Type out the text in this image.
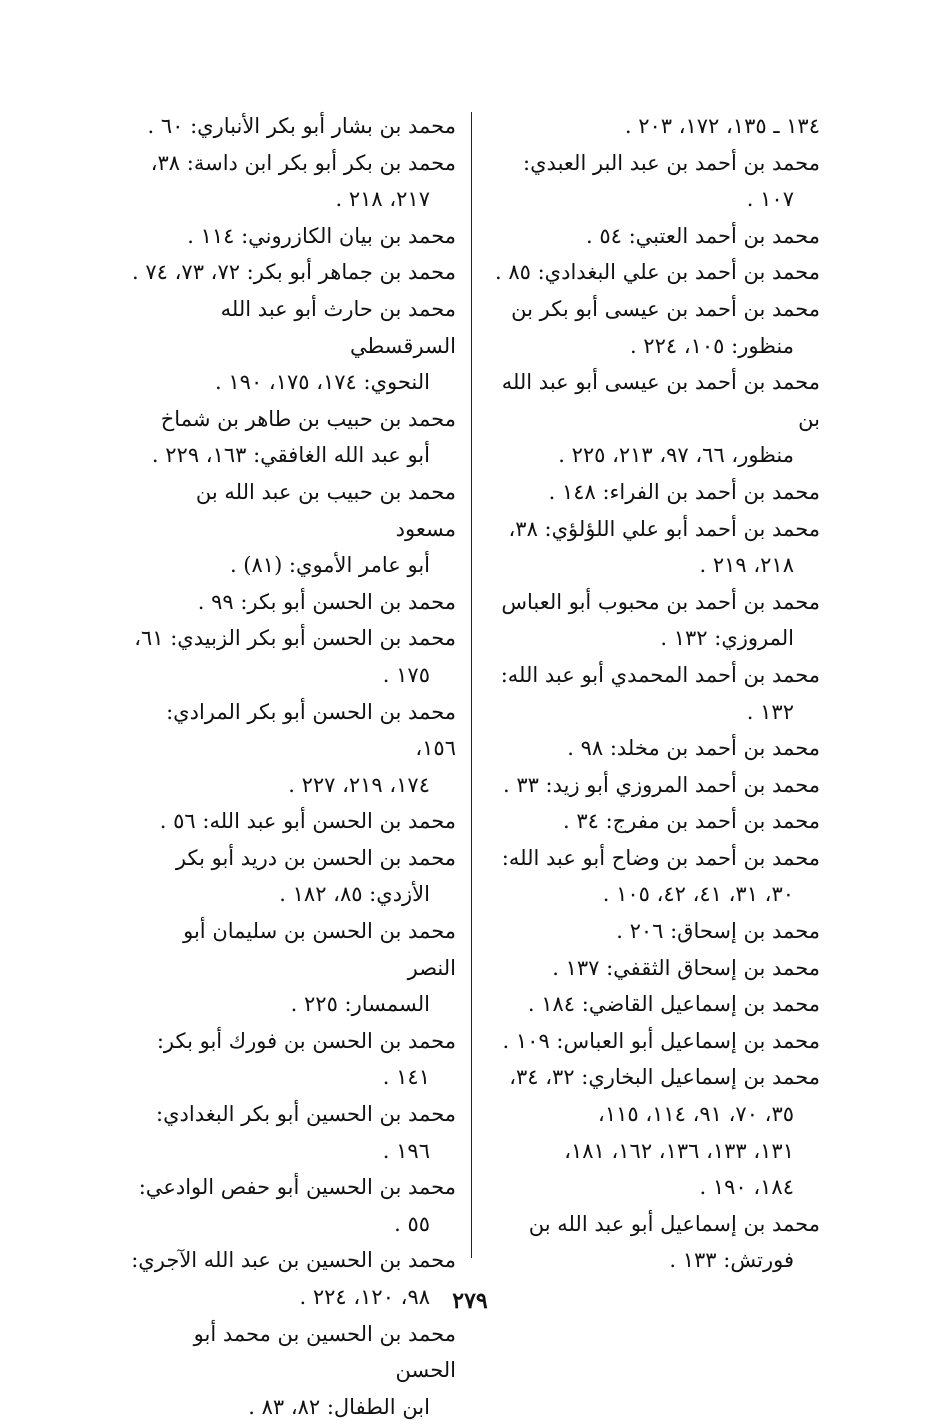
١٣٤ ـ ١٣٥، ١٧٢، ٢٠٣ .
محمد بن أحمد بن عبد البر العبدي:
١٠٧ .
محمد بن أحمد العتبي: ٥٤ .
محمد بن أحمد بن علي البغدادي: ٨٥ .
محمد بن أحمد بن عيسى أبو بكر بن
منظور: ١٠٥، ٢٢٤ .
محمد بن أحمد بن عيسى أبو عبد الله بن
منظور، ٦٦، ٩٧، ٢١٣، ٢٢٥ .
محمد بن أحمد بن الفراء: ١٤٨ .
محمد بن أحمد أبو علي اللؤلؤي: ٣٨،
٢١٨، ٢١٩ .
محمد بن أحمد بن محبوب أبو العباس
المروزي: ١٣٢ .
محمد بن أحمد المحمدي أبو عبد الله:
١٣٢ .
محمد بن أحمد بن مخلد: ٩٨ .
محمد بن أحمد المروزي أبو زيد: ٣٣ .
محمد بن أحمد بن مفرج: ٣٤ .
محمد بن أحمد بن وضاح أبو عبد الله:
٣٠، ٣١، ٤١، ٤٢، ١٠٥ .
محمد بن إسحاق: ٢٠٦ .
محمد بن إسحاق الثقفي: ١٣٧ .
محمد بن إسماعيل القاضي: ١٨٤ .
محمد بن إسماعيل أبو العباس: ١٠٩ .
محمد بن إسماعيل البخاري: ٣٢، ٣٤،
٣٥، ٧٠، ٩١، ١١٤، ١١٥،
١٣١، ١٣٣، ١٣٦، ١٦٢، ١٨١،
١٨٤، ١٩٠ .
محمد بن إسماعيل أبو عبد الله بن
فورتش: ١٣٣ .
محمد بن بشار أبو بكر الأنباري: ٦٠ .
محمد بن بكر أبو بكر ابن داسة: ٣٨،
٢١٧، ٢١٨ .
محمد بن بيان الكازروني: ١١٤ .
محمد بن جماهر أبو بكر: ٧٢، ٧٣، ٧٤ .
محمد بن حارث أبو عبد الله السرقسطي
النحوي: ١٧٤، ١٧٥، ١٩٠ .
محمد بن حبيب بن طاهر بن شماخ
أبو عبد الله الغافقي: ١٦٣، ٢٢٩ .
محمد بن حبيب بن عبد الله بن مسعود
أبو عامر الأموي: (٨١) .
محمد بن الحسن أبو بكر: ٩٩ .
محمد بن الحسن أبو بكر الزبيدي: ٦١،
١٧٥ .
محمد بن الحسن أبو بكر المرادي: ١٥٦،
١٧٤، ٢١٩، ٢٢٧ .
محمد بن الحسن أبو عبد الله: ٥٦ .
محمد بن الحسن بن دريد أبو بكر
الأزدي: ٨٥، ١٨٢ .
محمد بن الحسن بن سليمان أبو النصر
السمسار: ٢٢٥ .
محمد بن الحسن بن فورك أبو بكر:
١٤١ .
محمد بن الحسين أبو بكر البغدادي:
١٩٦ .
محمد بن الحسين أبو حفص الوادعي:
٥٥ .
محمد بن الحسين بن عبد الله الآجري:
٩٨، ١٢٠، ٢٢٤ .
محمد بن الحسين بن محمد أبو الحسن
ابن الطفال: ٨٢، ٨٣ .
٢٧٩
